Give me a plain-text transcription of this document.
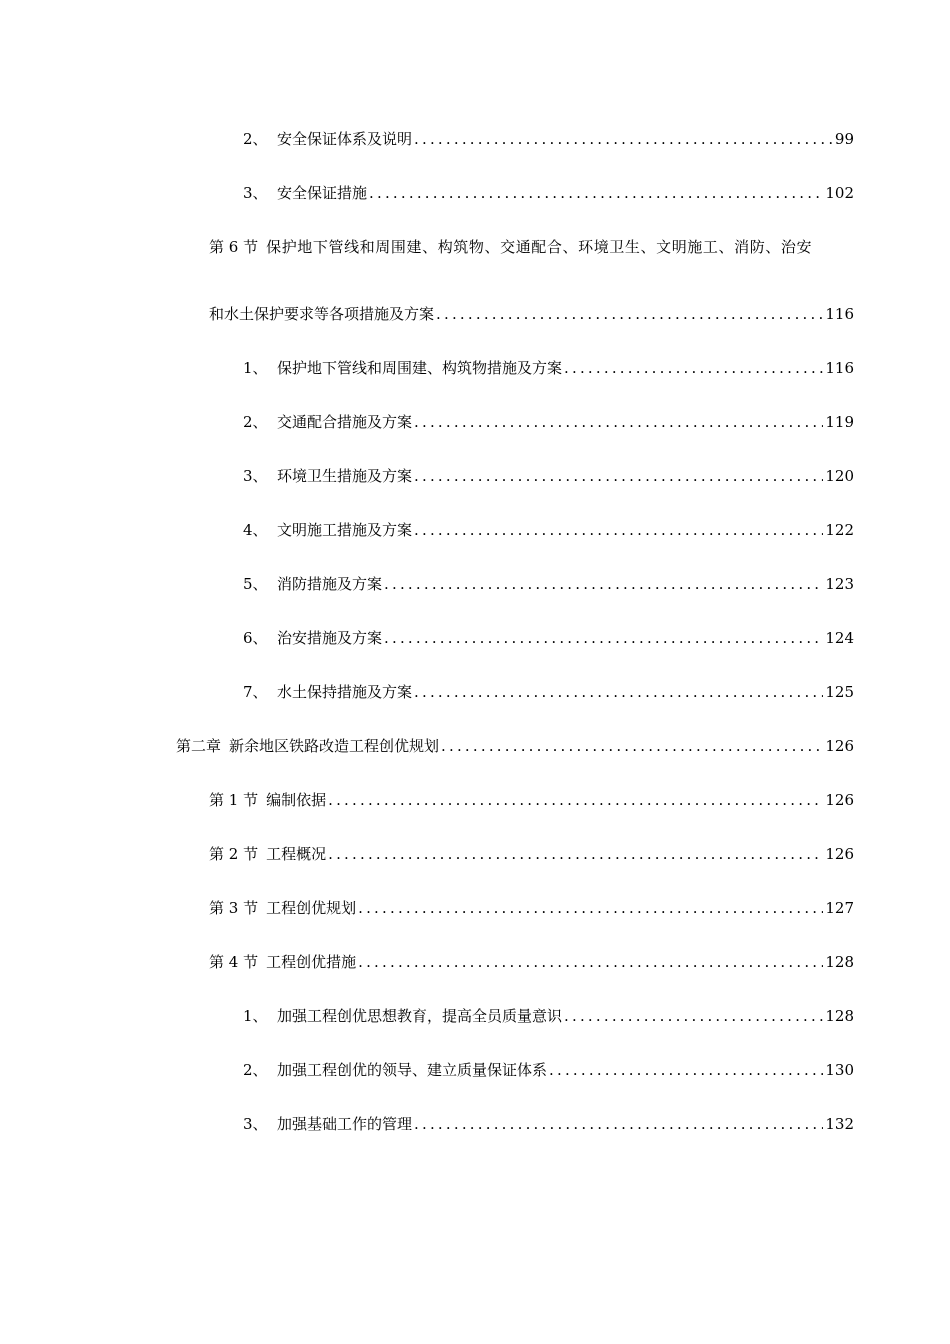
2、 安全保证体系及说明 .....	99
3、 安全保证措施 .....	102
第 6 节 保护地下管线和周围建、构筑物、交通配合、环境卫生、文明施工、消防、治安
和水土保护要求等各项措施及方案 .....	116
1、 保护地下管线和周围建、构筑物措施及方案 .....	116
2、 交通配合措施及方案 .....	119
3、 环境卫生措施及方案 .....	120
4、 文明施工措施及方案 .....	122
5、 消防措施及方案 .....	123
6、 治安措施及方案 .....	124
7、 水土保持措施及方案 .....	125
第二章 新余地区铁路改造工程创优规划 .....	126
第 1 节 编制依据 .....	126
第 2 节 工程概况 .....	126
第 3 节 工程创优规划 .....	127
第 4 节 工程创优措施 .....	128
1、 加强工程创优思想教育，提高全员质量意识 .....	128
2、 加强工程创优的领导、建立质量保证体系 .....	130
3、 加强基础工作的管理 .....	132
